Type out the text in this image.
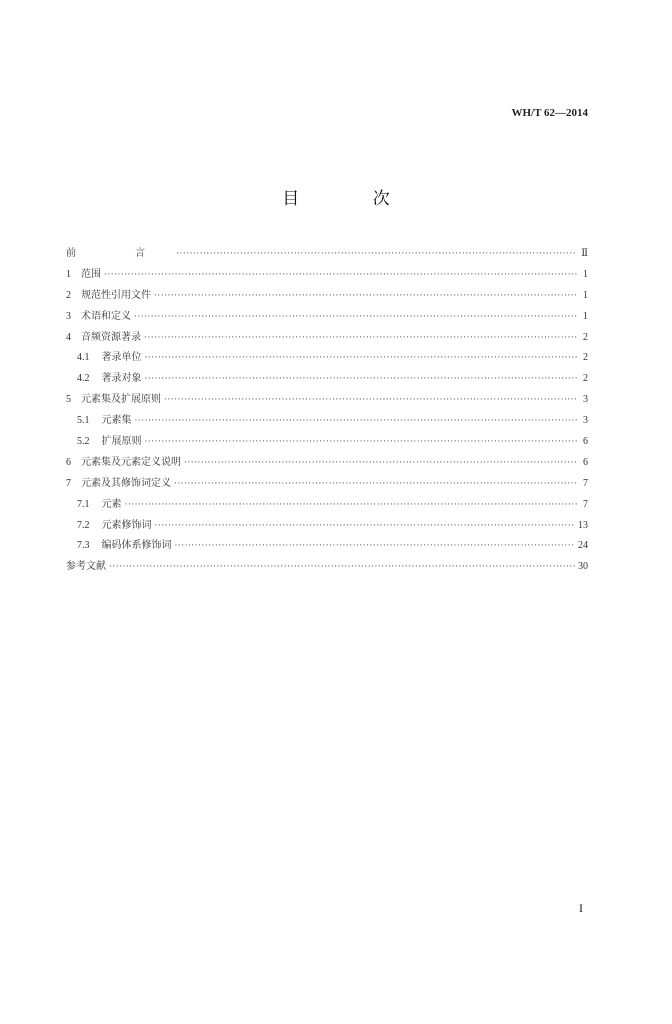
WH/T 62—2014
目 次
前 言 ·····	Ⅱ
1 范围 ·····	1
2 规范性引用文件 ·····	1
3 术语和定义 ·····	1
4 音频资源著录 ·····	2
4.1 著录单位 ·····	2
4.2 著录对象 ·····	2
5 元素集及扩展原则 ·····	3
5.1 元素集 ·····	3
5.2 扩展原则 ·····	6
6 元素集及元素定义说明 ·····	6
7 元素及其修饰词定义 ·····	7
7.1 元素 ·····	7
7.2 元素修饰词 ·····	13
7.3 编码体系修饰词 ·····	24
参考文献 ·····	30
I
